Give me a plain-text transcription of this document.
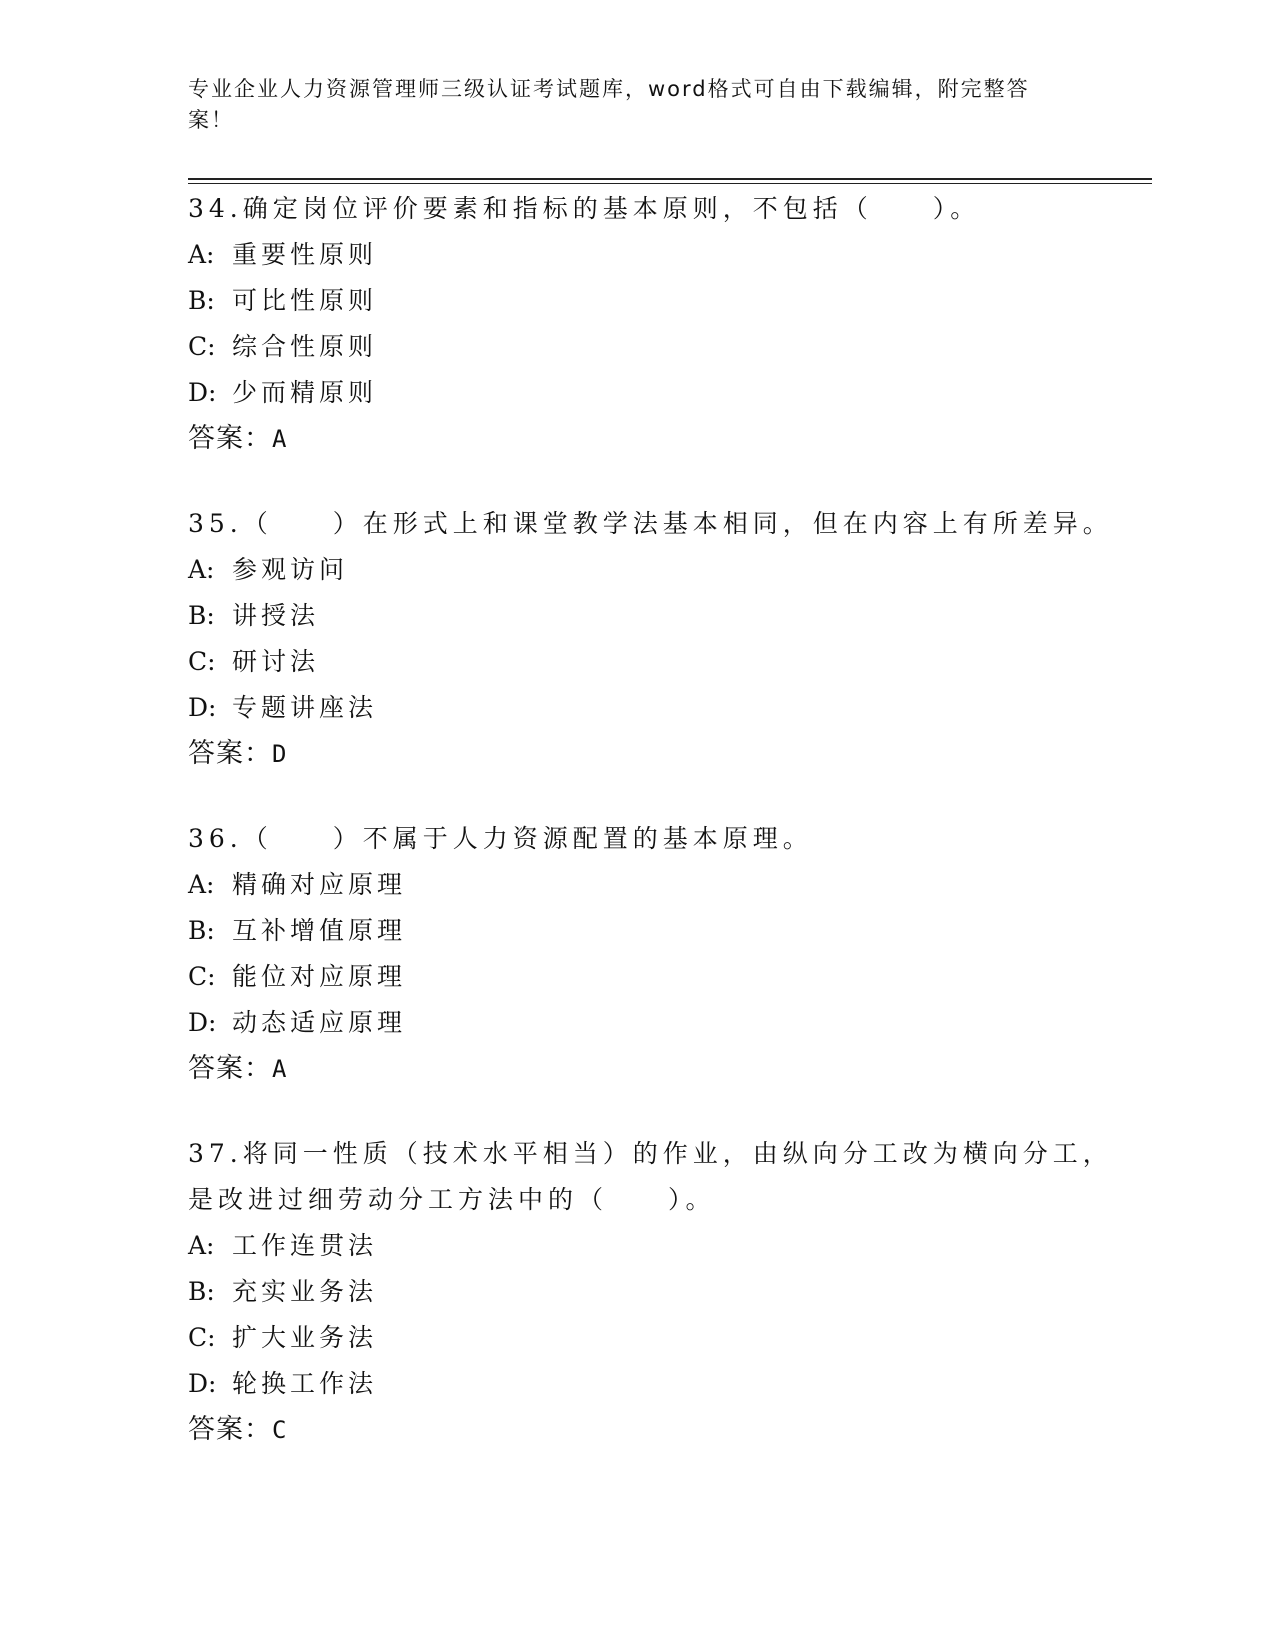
专业企业人力资源管理师三级认证考试题库，word格式可自由下载编辑，附完整答案！

34.确定岗位评价要素和指标的基本原则，不包括（　　）。

A: 重要性原则
B: 可比性原则
C: 综合性原则
D: 少而精原则
答案：A

35.（　　）在形式上和课堂教学法基本相同，但在内容上有所差异。

A: 参观访问
B: 讲授法
C: 研讨法
D: 专题讲座法
答案：D

36.（　　）不属于人力资源配置的基本原理。

A: 精确对应原理
B: 互补增值原理
C: 能位对应原理
D: 动态适应原理
答案：A

37.将同一性质（技术水平相当）的作业，由纵向分工改为横向分工，是改进过细劳动分工方法中的（　　）。

A: 工作连贯法
B: 充实业务法
C: 扩大业务法
D: 轮换工作法
答案：C
